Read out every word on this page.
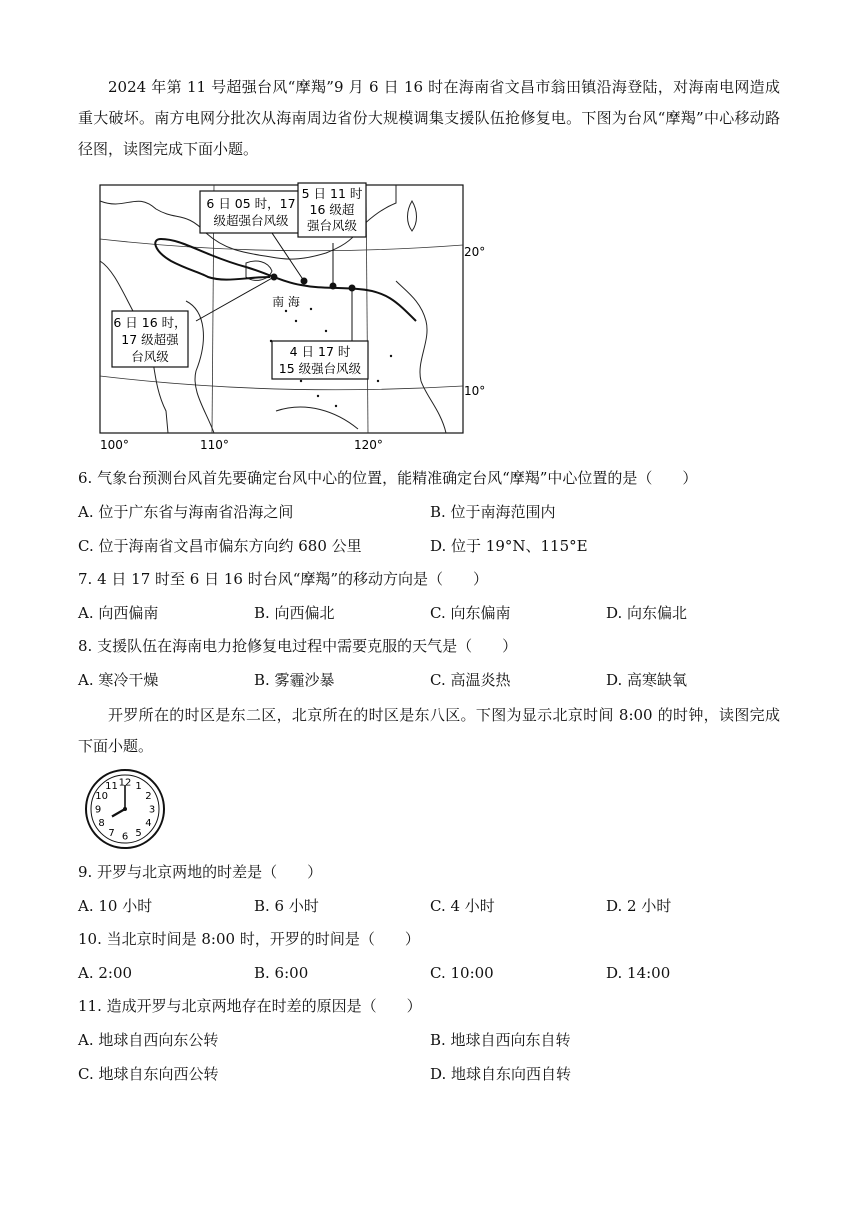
2024 年第 11 号超强台风“摩羯”9 月 6 日 16 时在海南省文昌市翁田镇沿海登陆，对海南电网造成重大破坏。南方电网分批次从海南周边省份大规模调集支援队伍抢修复电。下图为台风“摩羯”中心移动路径图，读图完成下面小题。
6 日 05 时，17
级超强台风级
5 日 11 时
16 级超
强台风级
6 日 16 时，
17 级超强
台风级	4 日 17 时
15 级强台风级
南 海
20°
10°
100°	110°	120°
6. 气象台预测台风首先要确定台风中心的位置，能精准确定台风“摩羯”中心位置的是（　　）
A. 位于广东省与海南省沿海之间	B. 位于南海范围内
C. 位于海南省文昌市偏东方向约 680 公里	D. 位于 19°N、115°E
7. 4 日 17 时至 6 日 16 时台风“摩羯”的移动方向是（　　）
A. 向西偏南	B. 向西偏北	C. 向东偏南	D. 向东偏北
8. 支援队伍在海南电力抢修复电过程中需要克服的天气是（　　）
A. 寒冷干燥	B. 雾霾沙暴	C. 高温炎热	D. 高寒缺氧
开罗所在的时区是东二区，北京所在的时区是东八区。下图为显示北京时间 8:00 的时钟，读图完成下面小题。
12 1
2
3
4
5
6
7
8
9
10
11
9. 开罗与北京两地的时差是（　　）
A. 10 小时	B. 6 小时	C. 4 小时	D. 2 小时
10. 当北京时间是 8:00 时，开罗的时间是（　　）
A. 2:00	B. 6:00	C. 10:00	D. 14:00
11. 造成开罗与北京两地存在时差的原因是（　　）
A. 地球自西向东公转	B. 地球自西向东自转
C. 地球自东向西公转	D. 地球自东向西自转
